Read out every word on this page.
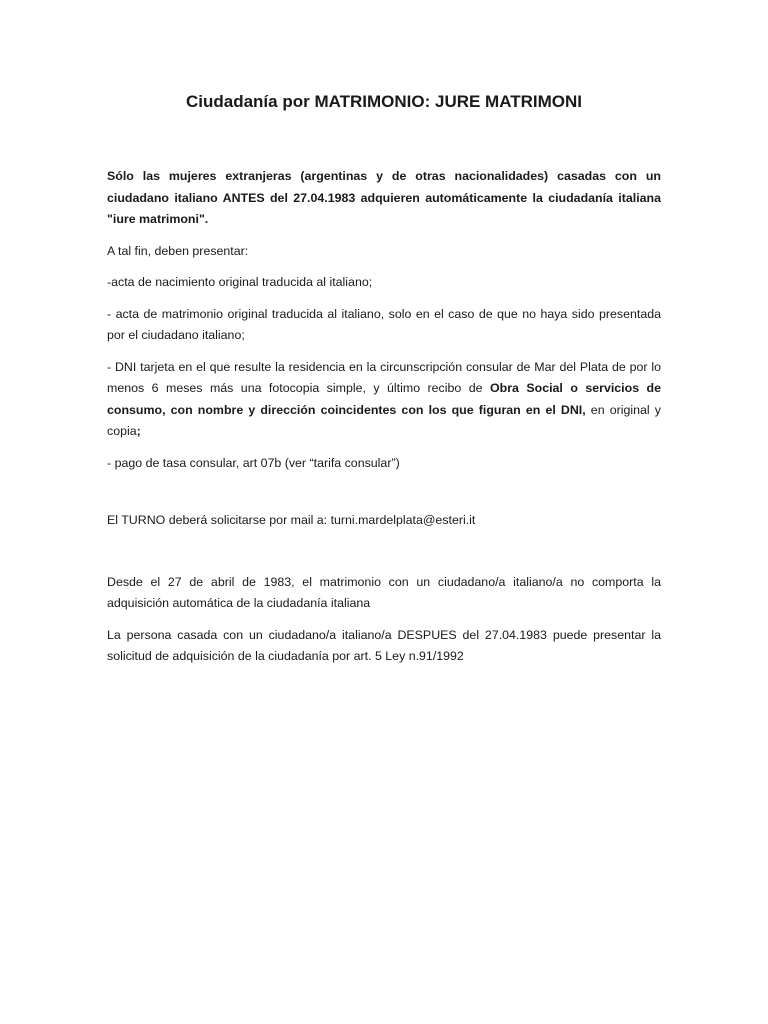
Ciudadanía por MATRIMONIO: JURE MATRIMONI

Sólo las mujeres extranjeras (argentinas y de otras nacionalidades) casadas con un ciudadano italiano ANTES del 27.04.1983 adquieren automáticamente la ciudadanía italiana "iure matrimoni".

A tal fin, deben presentar:

-acta de nacimiento original traducida al italiano;

- acta de matrimonio original traducida al italiano, solo en el caso de que no haya sido presentada por el ciudadano italiano;

- DNI tarjeta en el que resulte la residencia en la circunscripción consular de Mar del Plata de por lo menos 6 meses más una fotocopia simple, y último recibo de Obra Social o servicios de consumo, con nombre y dirección coincidentes con los que figuran en el DNI, en original y copia;

- pago de tasa consular, art 07b (ver “tarifa consular”)

El TURNO deberá solicitarse por mail a: turni.mardelplata@esteri.it

Desde el 27 de abril de 1983, el matrimonio con un ciudadano/a italiano/a no comporta la adquisición automática de la ciudadanía italiana

La persona casada con un ciudadano/a italiano/a DESPUES del 27.04.1983 puede presentar la solicitud de adquisición de la ciudadanía por art. 5 Ley n.91/1992
